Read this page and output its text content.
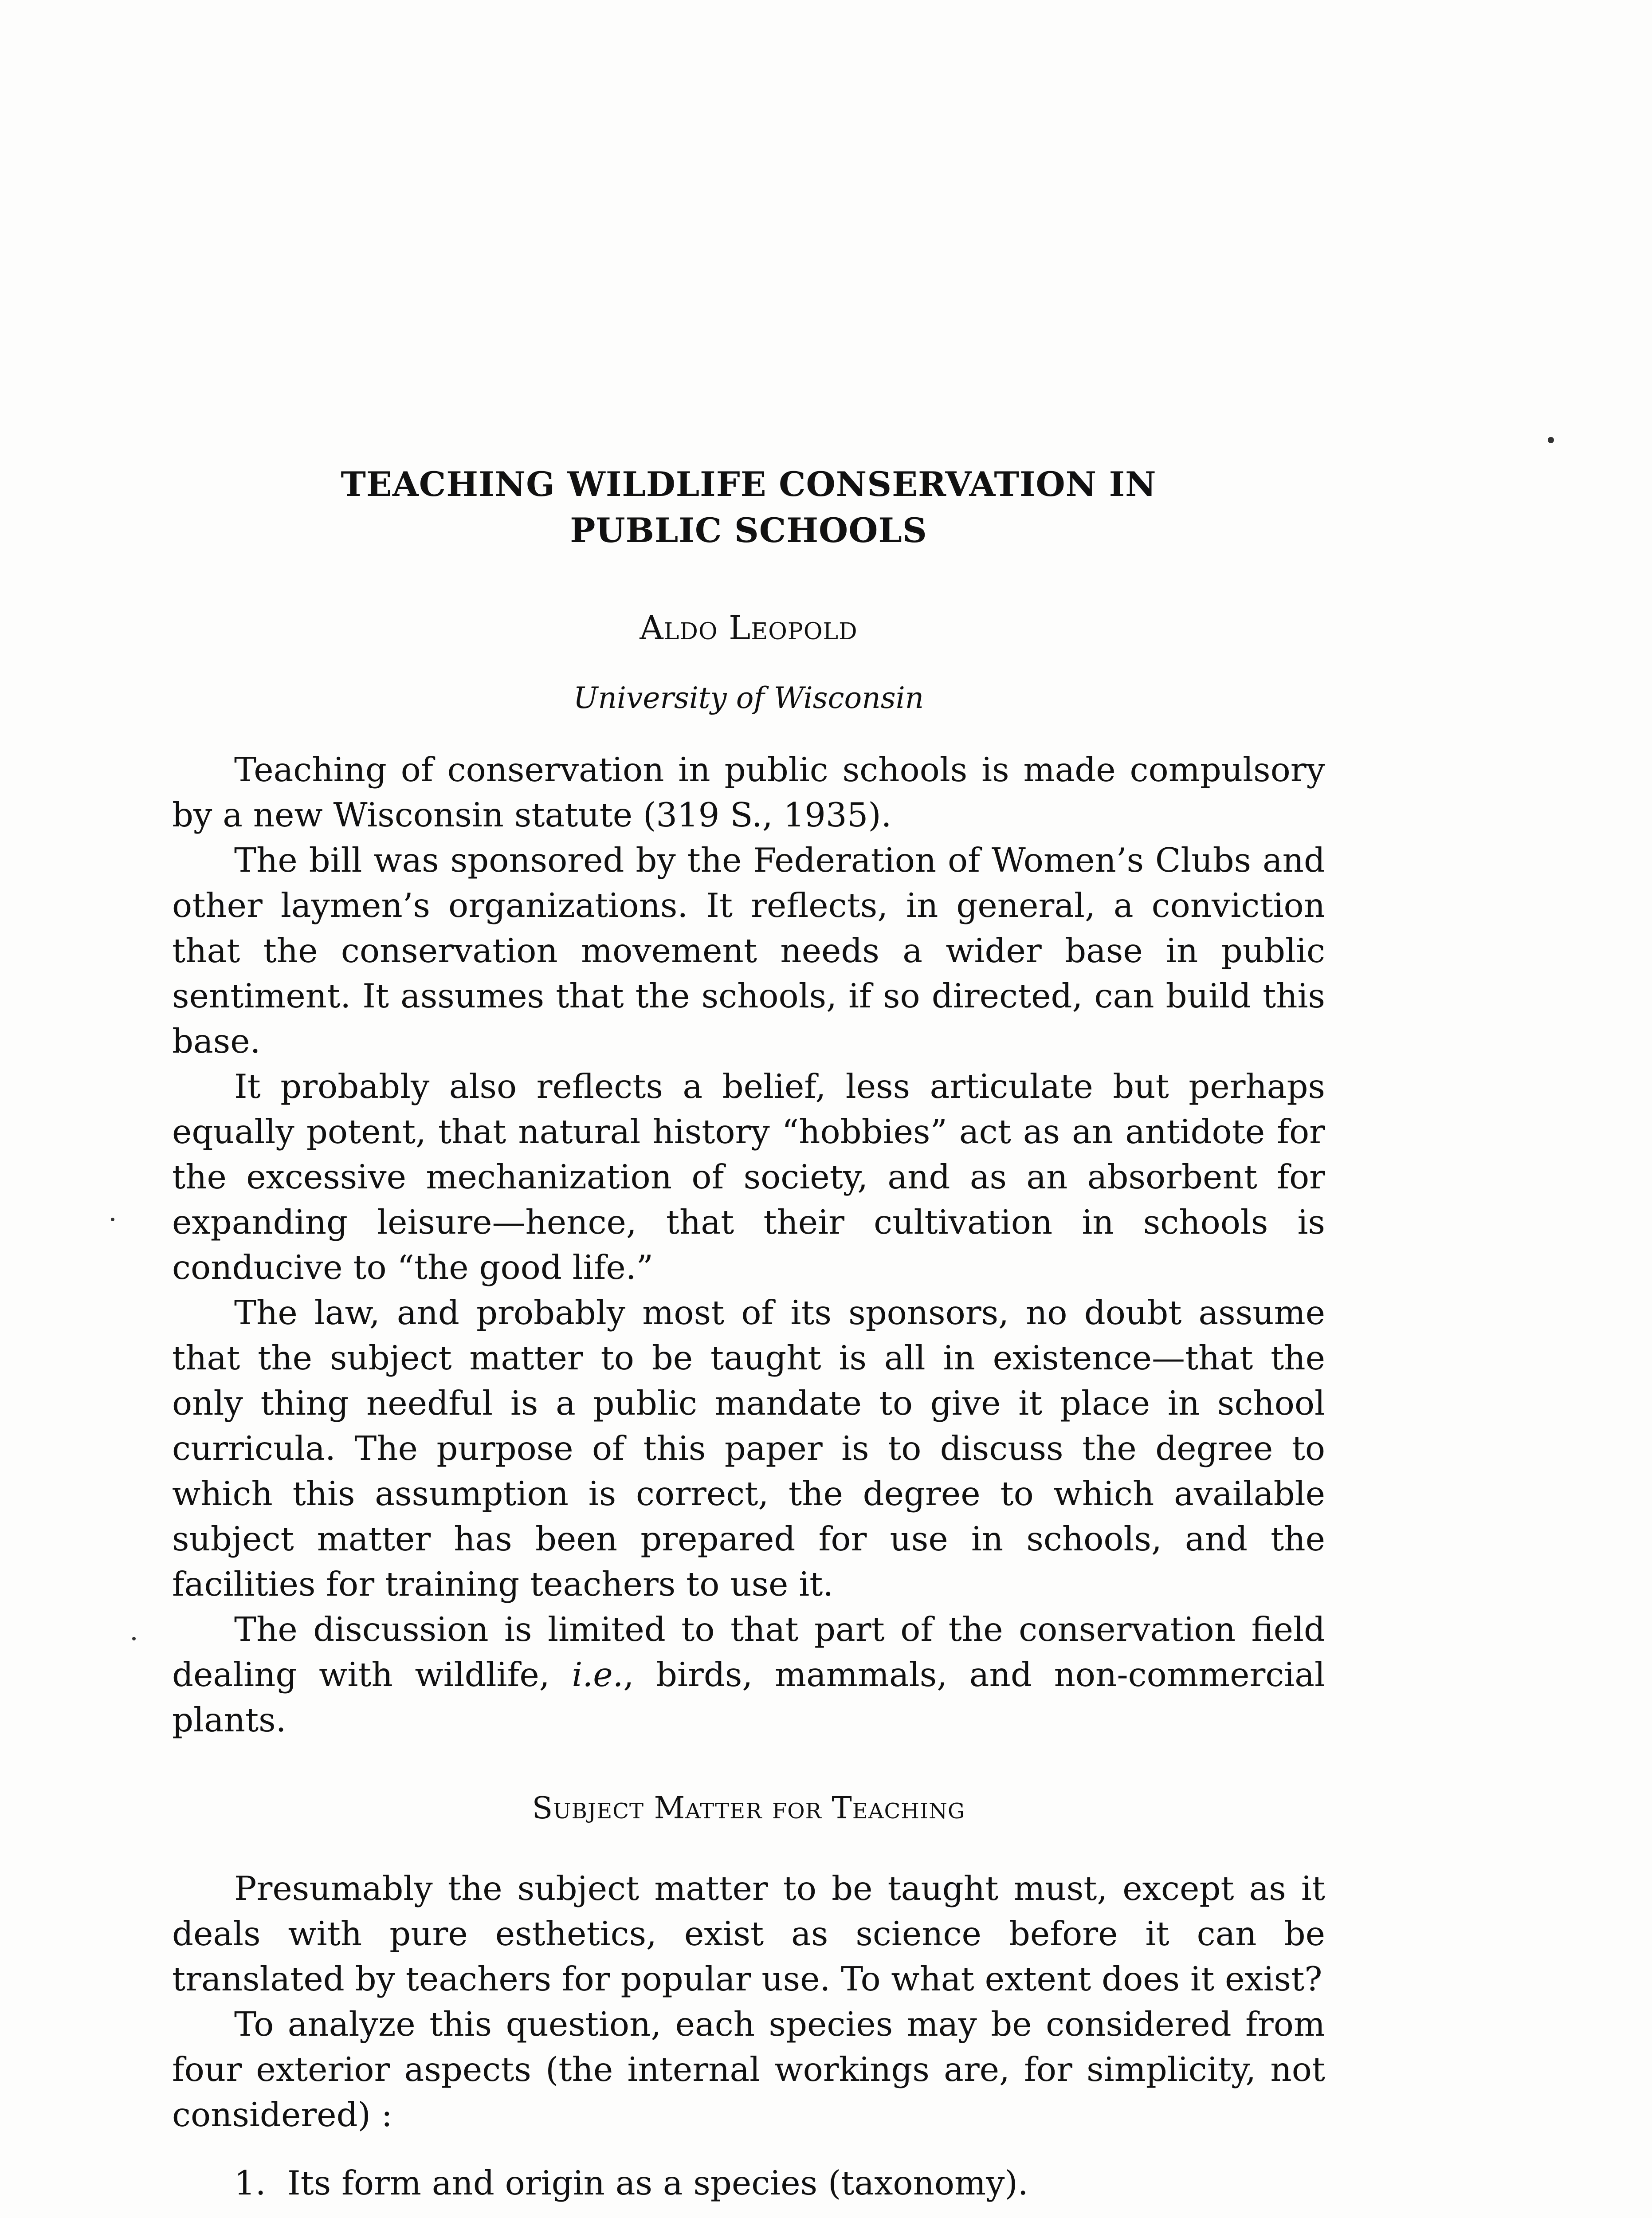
TEACHING WILDLIFE CONSERVATION IN
PUBLIC SCHOOLS
Aldo Leopold
University of Wisconsin

Teaching of conservation in public schools is made compulsory by a new Wisconsin statute (319 S., 1935).

The bill was sponsored by the Federation of Women’s Clubs and other laymen’s organizations. It reflects, in general, a conviction that the conservation movement needs a wider base in public sentiment. It assumes that the schools, if so directed, can build this base.

It probably also reflects a belief, less articulate but perhaps equally potent, that natural history “hobbies” act as an antidote for the excessive mechanization of society, and as an absorbent for expanding leisure—hence, that their cultivation in schools is conducive to “the good life.”

The law, and probably most of its sponsors, no doubt assume that the subject matter to be taught is all in existence—that the only thing needful is a public mandate to give it place in school curricula. The purpose of this paper is to discuss the degree to which this assumption is correct, the degree to which available subject matter has been prepared for use in schools, and the facilities for training teachers to use it.

The discussion is limited to that part of the conservation field dealing with wildlife, i.e., birds, mammals, and non-commercial plants.

Subject Matter for Teaching

Presumably the subject matter to be taught must, except as it deals with pure esthetics, exist as science before it can be translated by teachers for popular use. To what extent does it exist?

To analyze this question, each species may be considered from four exterior aspects (the internal workings are, for simplicity, not considered) :

1. Its form and origin as a species (taxonomy).
